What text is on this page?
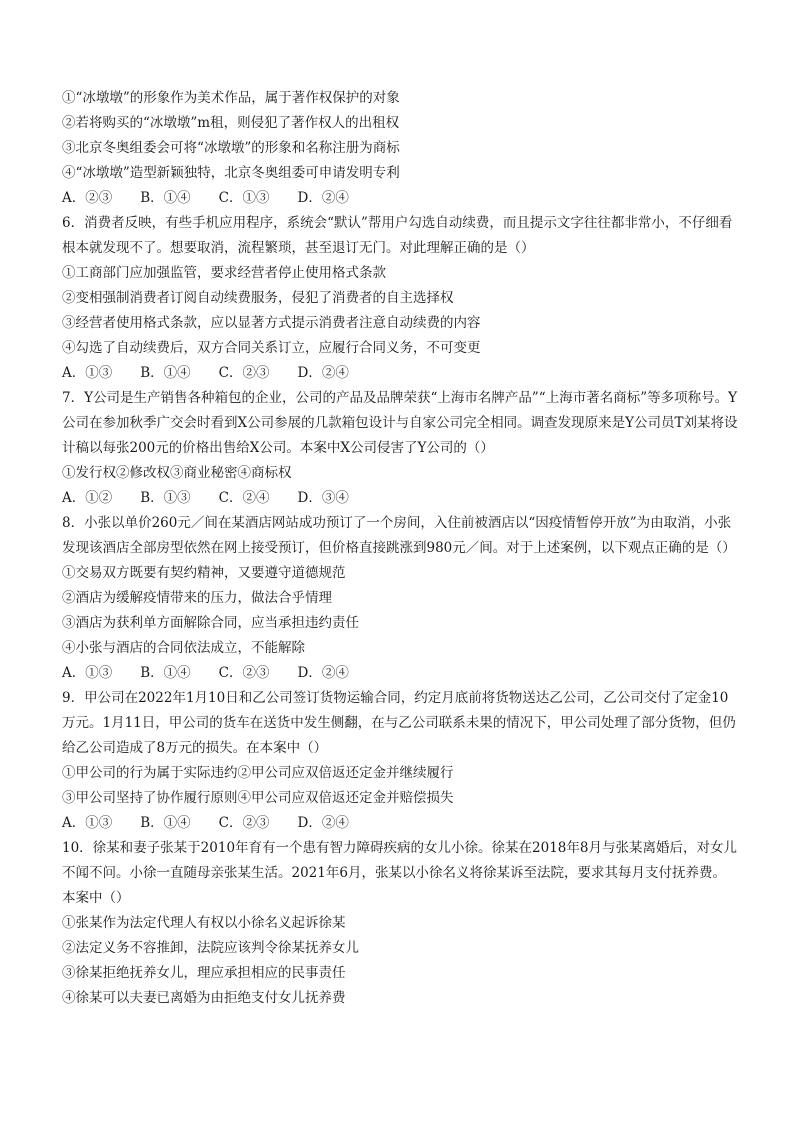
①“冰墩墩”的形象作为美术作品，属于著作权保护的对象
②若将购买的“冰墩墩”m租，则侵犯了著作权人的出租权
③北京冬奥组委会可将“冰墩墩”的形象和名称注册为商标
④“冰墩墩”造型新颖独特，北京冬奥组委可申请发明专利
A．②③ B．①④ C．①③ D．②④
6．消费者反映，有些手机应用程序，系统会“默认”帮用户勾选自动续费，而且提示文字往往都非常小，不仔细看根本就发现不了。想要取消，流程繁琐，甚至退订无门。对此理解正确的是（）
①工商部门应加强监管，要求经营者停止使用格式条款
②变相强制消费者订阅自动续费服务，侵犯了消费者的自主选择权
③经营者使用格式条款，应以显著方式提示消费者注意自动续费的内容
④勾选了自动续费后，双方合同关系订立，应履行合同义务，不可变更
A．①③ B．①④ C．②③ D．②④
7．Y公司是生产销售各种箱包的企业，公司的产品及品牌荣获“上海市名牌产品”“上海市著名商标”等多项称号。Y公司在参加秋季广交会时看到X公司参展的几款箱包设计与自家公司完全相同。调查发现原来是Y公司员T刘某将设计稿以每张200元的价格出售给X公司。本案中X公司侵害了Y公司的（）
①发行权②修改权③商业秘密④商标权
A．①② B．①③ C．②④ D．③④
8．小张以单价260元／间在某酒店网站成功预订了一个房间，入住前被酒店以“因疫情暂停开放”为由取消，小张发现该酒店全部房型依然在网上接受预订，但价格直接跳涨到980元／间。对于上述案例，以下观点正确的是（）
①交易双方既要有契约精神，又要遵守道德规范
②酒店为缓解疫情带来的压力，做法合乎情理
③酒店为获利单方面解除合同，应当承担违约责任
④小张与酒店的合同依法成立，不能解除
A．①③ B．①④ C．②③ D．②④
9．甲公司在2022年1月10日和乙公司签订货物运输合同，约定月底前将货物送达乙公司，乙公司交付了定金10万元。1月11日，甲公司的货车在送货中发生侧翻，在与乙公司联系未果的情况下，甲公司处理了部分货物，但仍给乙公司造成了8万元的损失。在本案中（）
①甲公司的行为属于实际违约②甲公司应双倍返还定金并继续履行
③甲公司坚持了协作履行原则④甲公司应双倍返还定金并赔偿损失
A．①③ B．①④ C．②③ D．②④
10．徐某和妻子张某于2010年育有一个患有智力障碍疾病的女儿小徐。徐某在2018年8月与张某离婚后，对女儿不闻不问。小徐一直随母亲张某生活。2021年6月，张某以小徐名义将徐某诉至法院，要求其每月支付抚养费。本案中（）
①张某作为法定代理人有权以小徐名义起诉徐某
②法定义务不容推卸，法院应该判令徐某抚养女儿
③徐某拒绝抚养女儿，理应承担相应的民事责任
④徐某可以夫妻已离婚为由拒绝支付女儿抚养费
